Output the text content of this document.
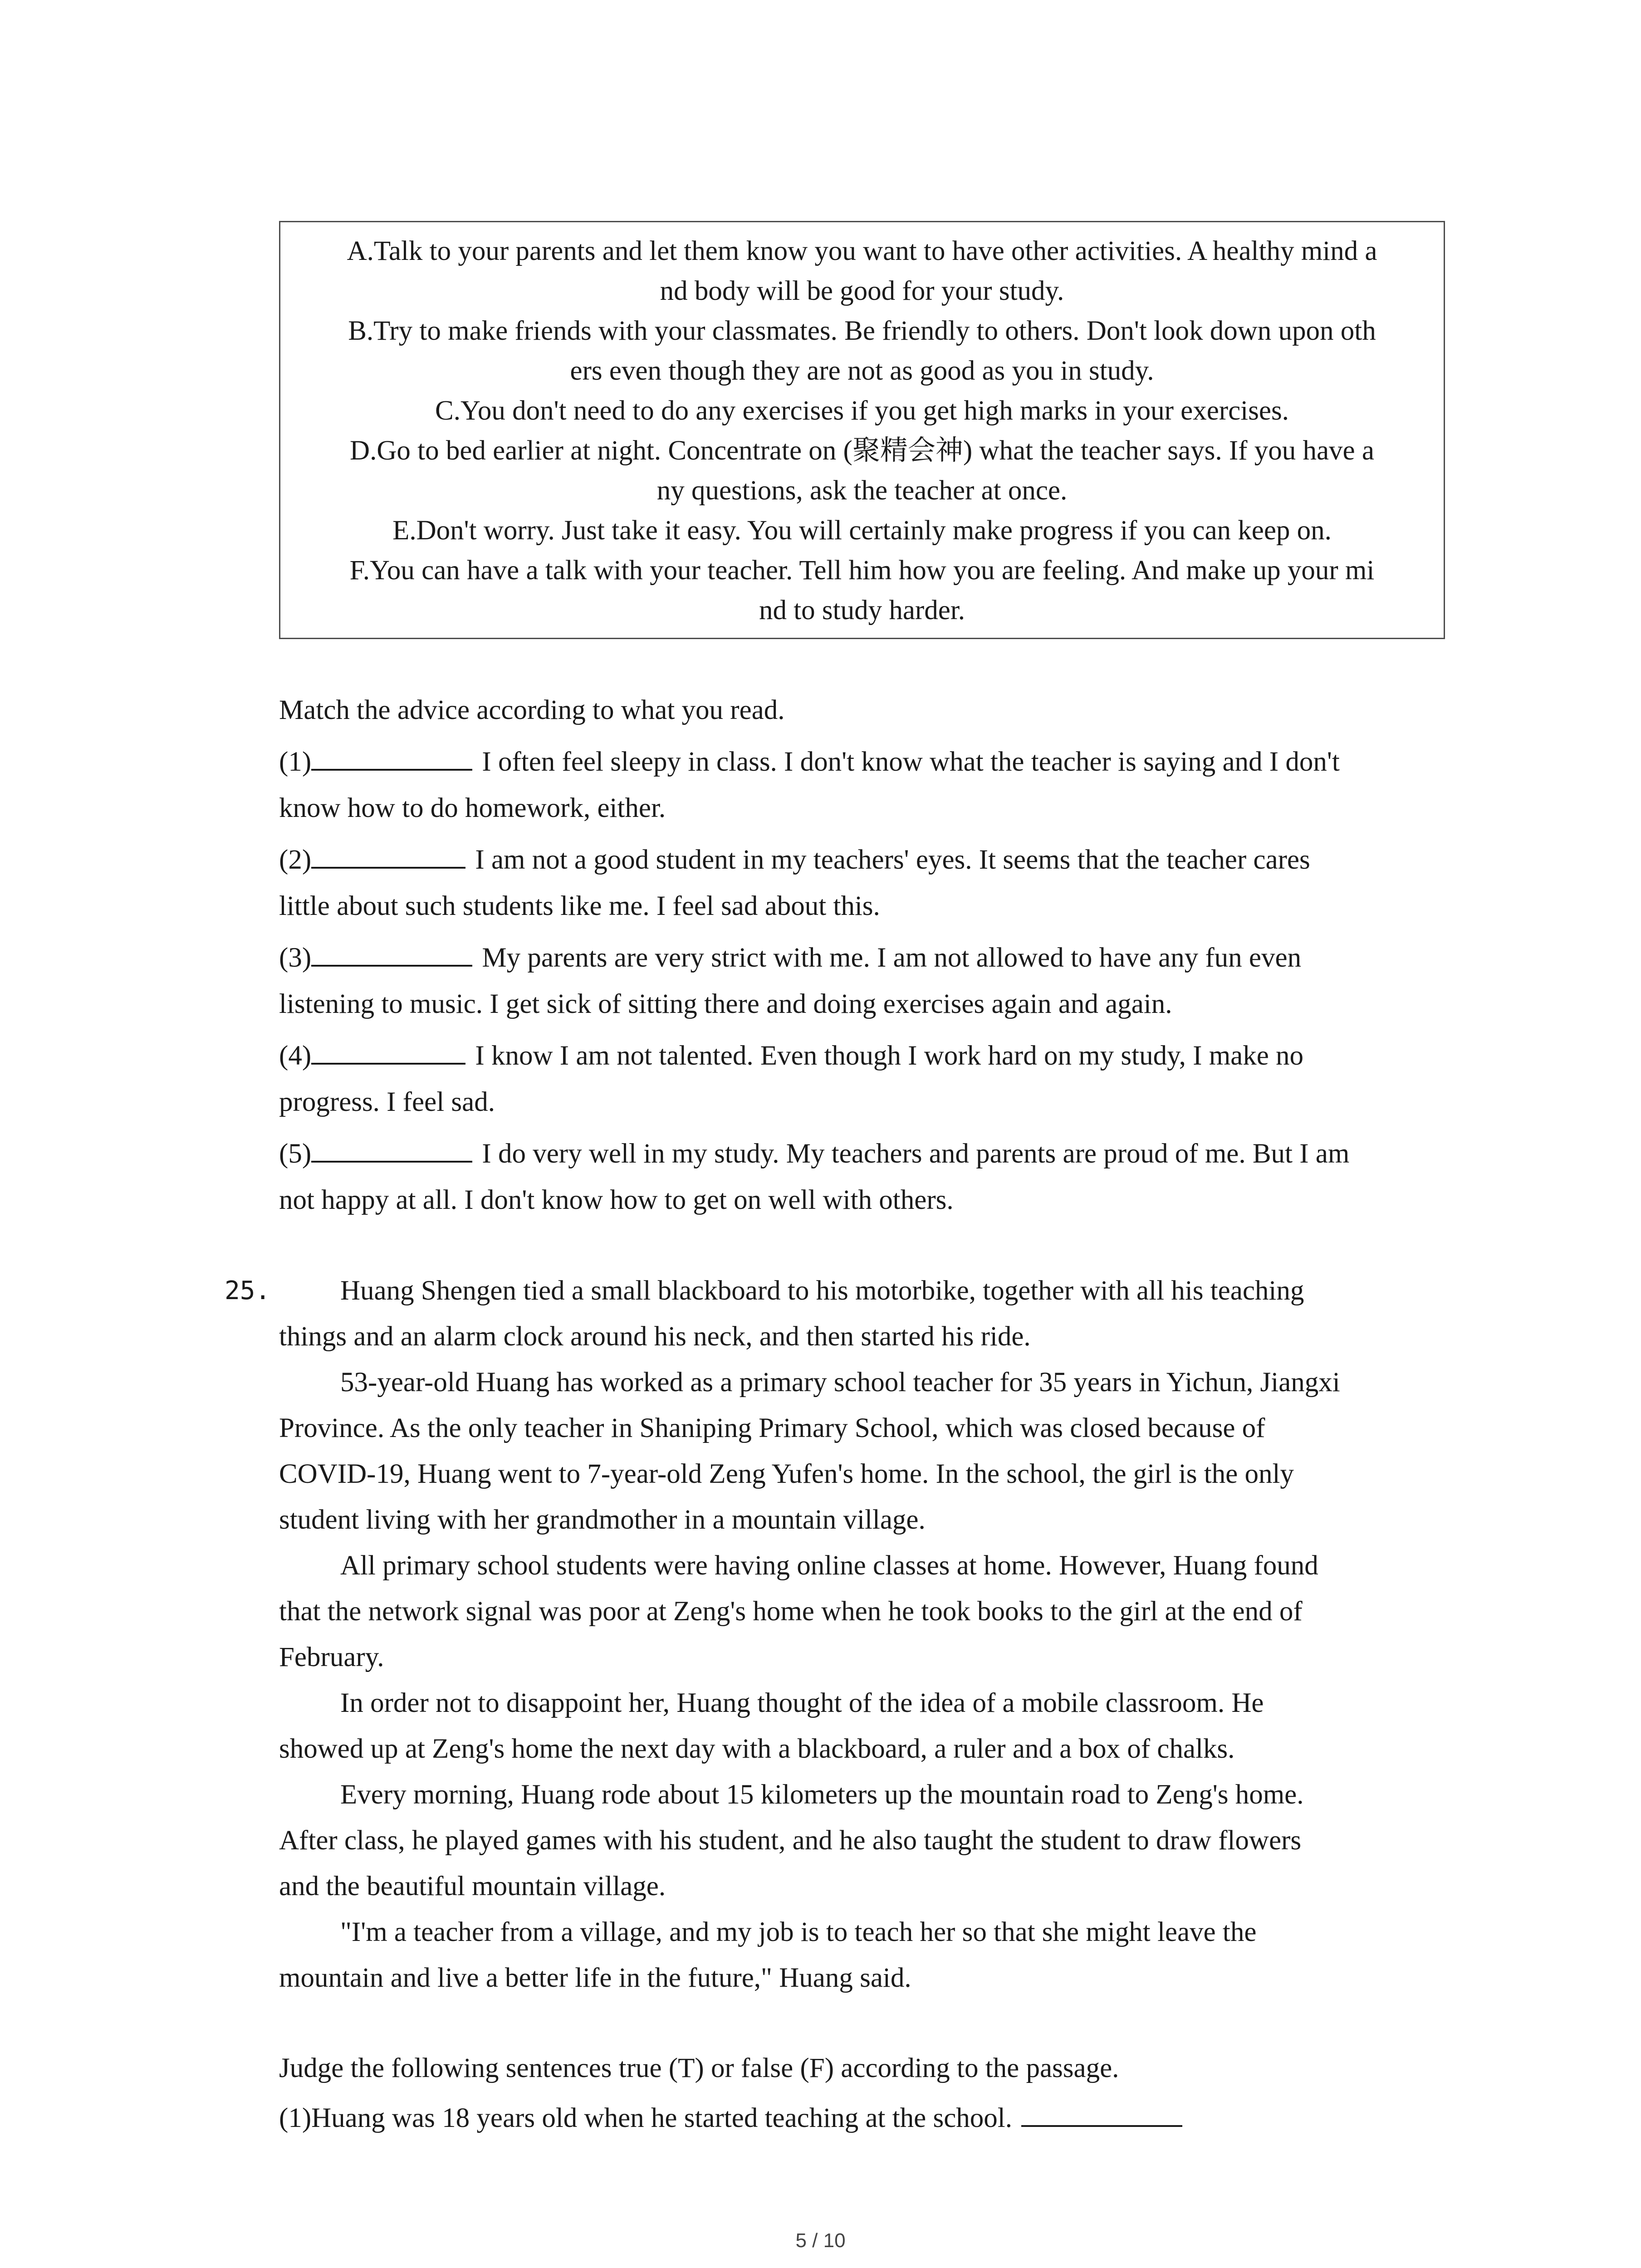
A.Talk to your parents and let them know you want to have other activities. A healthy mind a

nd body will be good for your study.

B.Try to make friends with your classmates. Be friendly to others. Don't look down upon oth

ers even though they are not as good as you in study.

C.You don't need to do any exercises if you get high marks in your exercises.

D.Go to bed earlier at night. Concentrate on (聚精会神) what the teacher says. If you have a

ny questions, ask the teacher at once.

E.Don't worry. Just take it easy. You will certainly make progress if you can keep on.

F.You can have a talk with your teacher. Tell him how you are feeling. And make up your mi

nd to study harder.

Match the advice according to what you read.

(1)	I often feel sleepy in class. I don't know what the teacher is saying and I don't

know how to do homework, either.

(2)	I am not a good student in my teachers' eyes. It seems that the teacher cares

little about such students like me. I feel sad about this.

(3)	My parents are very strict with me. I am not allowed to have any fun even

listening to music. I get sick of sitting there and doing exercises again and again.

(4)	I know I am not talented. Even though I work hard on my study, I make no

progress. I feel sad.

(5)	I do very well in my study. My teachers and parents are proud of me. But I am

not happy at all. I don't know how to get on well with others.

25.	Huang Shengen tied a small blackboard to his motorbike, together with all his teaching

things and an alarm clock around his neck, and then started his ride.

53-year-old Huang has worked as a primary school teacher for 35 years in Yichun, Jiangxi

Province. As the only teacher in Shaniping Primary School, which was closed because of

COVID-19, Huang went to 7-year-old Zeng Yufen's home. In the school, the girl is the only

student living with her grandmother in a mountain village.

All primary school students were having online classes at home. However, Huang found

that the network signal was poor at Zeng's home when he took books to the girl at the end of

February.

In order not to disappoint her, Huang thought of the idea of a mobile classroom. He

showed up at Zeng's home the next day with a blackboard, a ruler and a box of chalks.

Every morning, Huang rode about 15 kilometers up the mountain road to Zeng's home.

After class, he played games with his student, and he also taught the student to draw flowers

and the beautiful mountain village.

"I'm a teacher from a village, and my job is to teach her so that she might leave the

mountain and live a better life in the future," Huang said.

Judge the following sentences true (T) or false (F) according to the passage.

(1)Huang was 18 years old when he started teaching at the school.

5 / 10
